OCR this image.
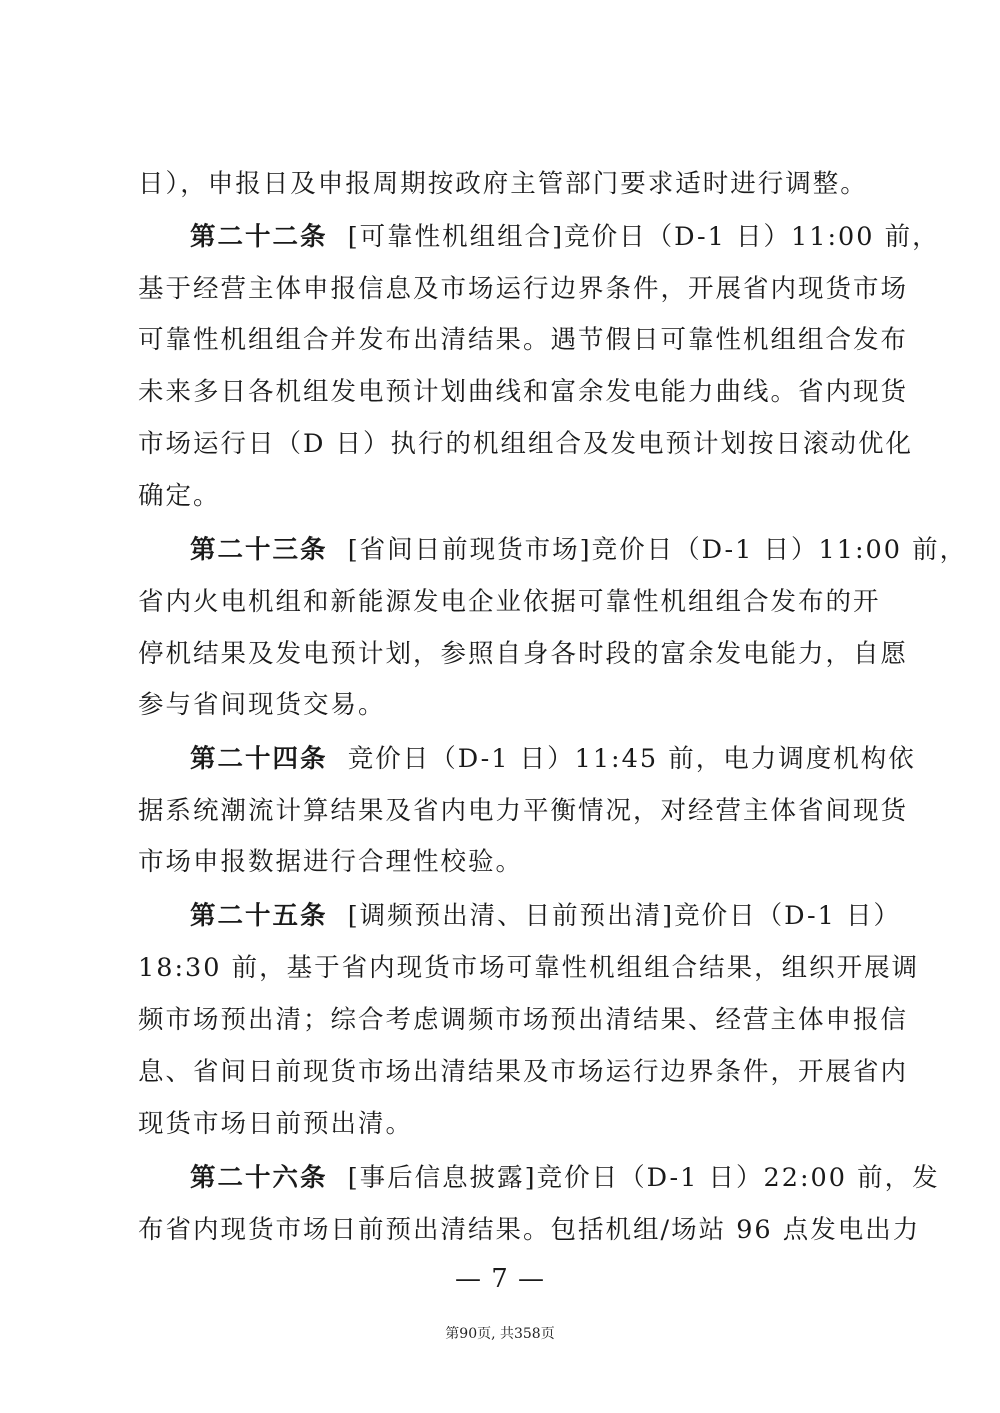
日），申报日及申报周期按政府主管部门要求适时进行调整。
第二十二条 [可靠性机组组合]竞价日（D-1 日）11:00 前，
基于经营主体申报信息及市场运行边界条件，开展省内现货市场
可靠性机组组合并发布出清结果。遇节假日可靠性机组组合发布
未来多日各机组发电预计划曲线和富余发电能力曲线。省内现货
市场运行日（D 日）执行的机组组合及发电预计划按日滚动优化
确定。
第二十三条 [省间日前现货市场]竞价日（D-1 日）11:00 前，
省内火电机组和新能源发电企业依据可靠性机组组合发布的开
停机结果及发电预计划，参照自身各时段的富余发电能力，自愿
参与省间现货交易。
第二十四条 竞价日（D-1 日）11:45 前，电力调度机构依
据系统潮流计算结果及省内电力平衡情况，对经营主体省间现货
市场申报数据进行合理性校验。
第二十五条 [调频预出清、日前预出清]竞价日（D-1 日）
18:30 前，基于省内现货市场可靠性机组组合结果，组织开展调
频市场预出清；综合考虑调频市场预出清结果、经营主体申报信
息、省间日前现货市场出清结果及市场运行边界条件，开展省内
现货市场日前预出清。
第二十六条 [事后信息披露]竞价日（D-1 日）22:00 前，发
布省内现货市场日前预出清结果。包括机组/场站 96 点发电出力
— 7 —
第90页, 共358页
